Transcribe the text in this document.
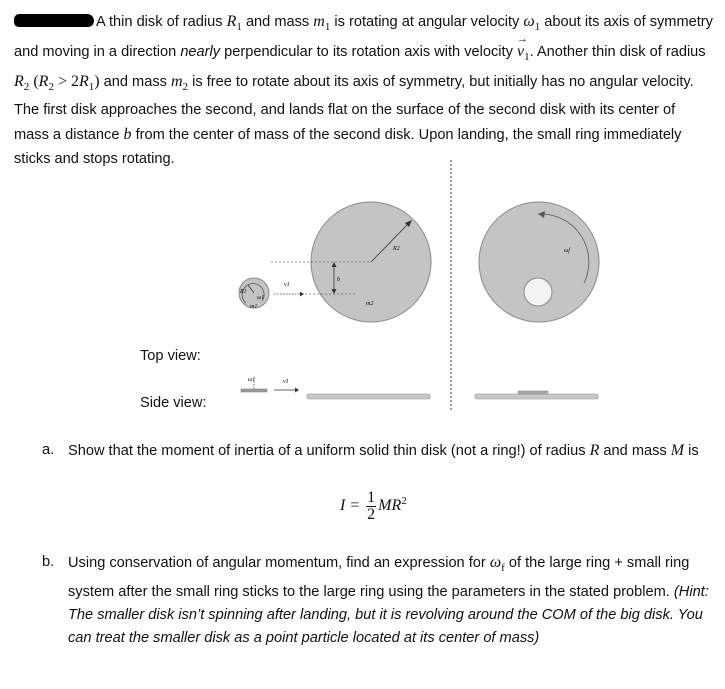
A thin disk of radius $R_1$ and mass $m_1$ is rotating at angular velocity $\omega_1$ about its axis of symmetry and moving in a direction nearly perpendicular to its rotation axis with velocity → $v_1$. Another thin disk of radius $R_2$ $(R_2 > 2R_1)$ and mass $m_2$ is free to rotate about its axis of symmetry, but initially has no angular velocity. The first disk approaches the second, and lands flat on the surface of the second disk with its center of mass a distance b from the center of mass of the second disk. Upon landing, the small ring immediately sticks and stops rotating.
R1
ω1
m1
v1
b
R2
m2
ωf
ω1	v1
Top view:
Side view:
a. Show that the moment of inertia of a uniform solid thin disk (not a ring!) of radius R and mass M is
$I = \frac{1}{2} MR^2$
b. Using conservation of angular momentum, find an expression for $\omega_f$ of the large ring + small ring system after the small ring sticks to the large ring using the parameters in the stated problem. (Hint: The smaller disk isn’t spinning after landing, but it is revolving around the COM of the big disk. You can treat the smaller disk as a point particle located at its center of mass)
